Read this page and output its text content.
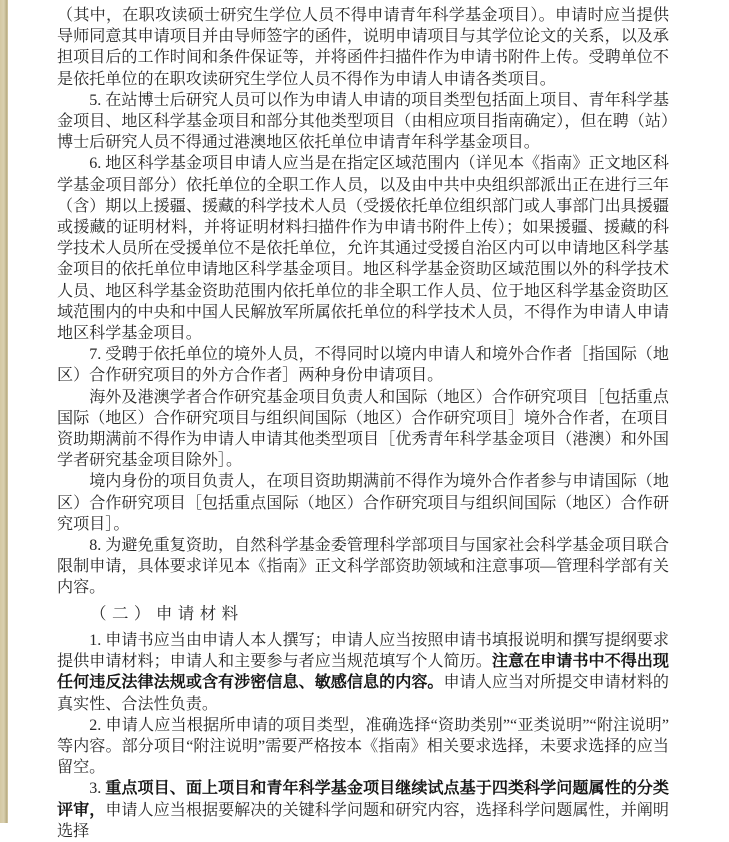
（其中，在职攻读硕士研究生学位人员不得申请青年科学基金项目）。申请时应当提供导师同意其申请项目并由导师签字的函件，说明申请项目与其学位论文的关系，以及承担项目后的工作时间和条件保证等，并将函件扫描件作为申请书附件上传。受聘单位不是依托单位的在职攻读研究生学位人员不得作为申请人申请各类项目。

5. 在站博士后研究人员可以作为申请人申请的项目类型包括面上项目、青年科学基金项目、地区科学基金项目和部分其他类型项目（由相应项目指南确定），但在聘（站）博士后研究人员不得通过港澳地区依托单位申请青年科学基金项目。

6. 地区科学基金项目申请人应当是在指定区域范围内（详见本《指南》正文地区科学基金项目部分）依托单位的全职工作人员，以及由中共中央组织部派出正在进行三年（含）期以上援疆、援藏的科学技术人员（受援依托单位组织部门或人事部门出具援疆或援藏的证明材料，并将证明材料扫描件作为申请书附件上传）；如果援疆、援藏的科学技术人员所在受援单位不是依托单位，允许其通过受援自治区内可以申请地区科学基金项目的依托单位申请地区科学基金项目。地区科学基金资助区域范围以外的科学技术人员、地区科学基金资助范围内依托单位的非全职工作人员、位于地区科学基金资助区域范围内的中央和中国人民解放军所属依托单位的科学技术人员，不得作为申请人申请地区科学基金项目。

7. 受聘于依托单位的境外人员，不得同时以境内申请人和境外合作者［指国际（地区）合作研究项目的外方合作者］两种身份申请项目。

海外及港澳学者合作研究基金项目负责人和国际（地区）合作研究项目［包括重点国际（地区）合作研究项目与组织间国际（地区）合作研究项目］境外合作者，在项目资助期满前不得作为申请人申请其他类型项目［优秀青年科学基金项目（港澳）和外国学者研究基金项目除外］。

境内身份的项目负责人，在项目资助期满前不得作为境外合作者参与申请国际（地区）合作研究项目［包括重点国际（地区）合作研究项目与组织间国际（地区）合作研究项目］。

8. 为避免重复资助，自然科学基金委管理科学部项目与国家社会科学基金项目联合限制申请，具体要求详见本《指南》正文科学部资助领域和注意事项—管理科学部有关内容。

（二）申请材料

1. 申请书应当由申请人本人撰写；申请人应当按照申请书填报说明和撰写提纲要求提供申请材料；申请人和主要参与者应当规范填写个人简历。注意在申请书中不得出现任何违反法律法规或含有涉密信息、敏感信息的内容。申请人应当对所提交申请材料的真实性、合法性负责。

2. 申请人应当根据所申请的项目类型，准确选择“资助类别”“亚类说明”“附注说明”等内容。部分项目“附注说明”需要严格按本《指南》相关要求选择，未要求选择的应当留空。

3. 重点项目、面上项目和青年科学基金项目继续试点基于四类科学问题属性的分类评审，申请人应当根据要解决的关键科学问题和研究内容，选择科学问题属性，并阐明选择
